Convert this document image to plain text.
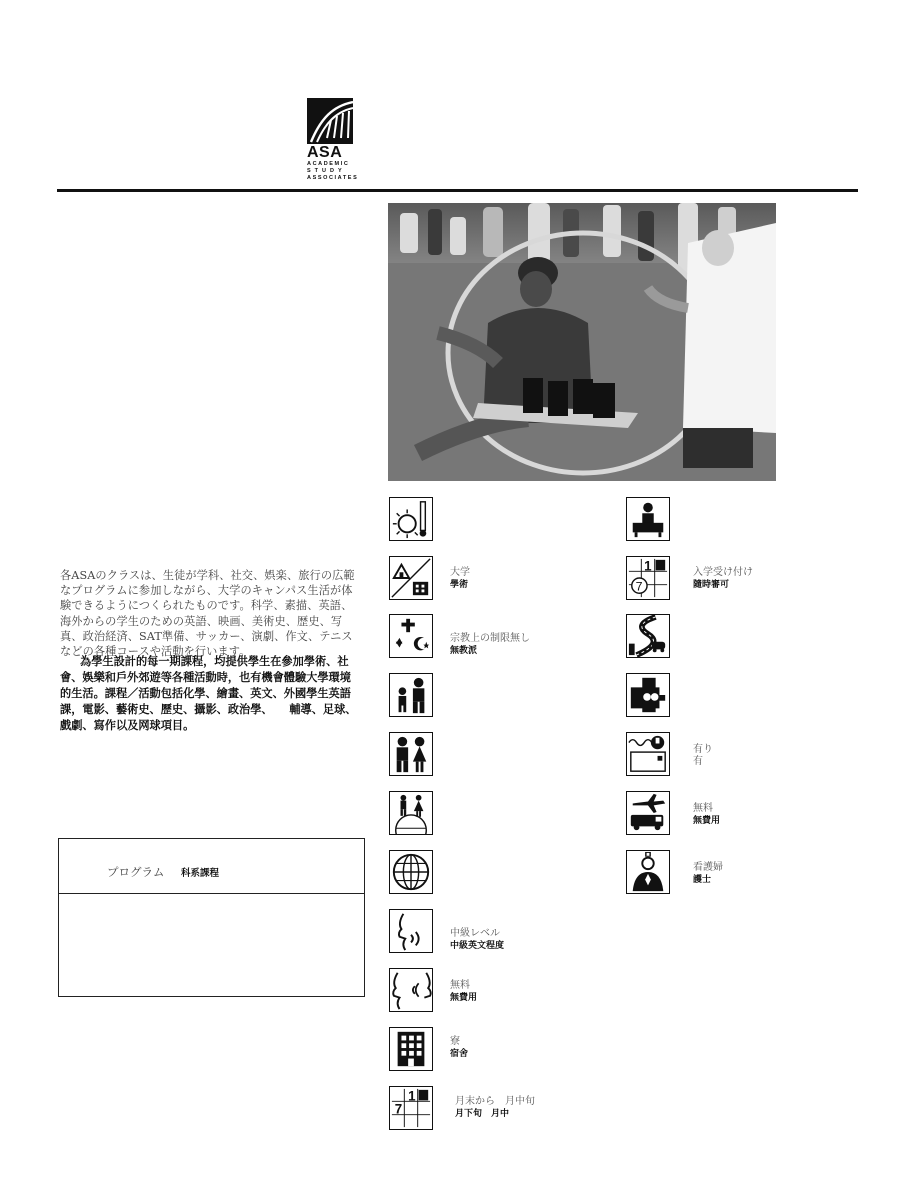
ASA
ACADEMIC
STUDY
ASSOCIATES
各ASAのクラスは、生徒が学科、社交、娯楽、旅行の広範なプログラムに参加しながら、大学のキャンパス生活が体験できるようにつくられたものです。科学、素描、英語、海外からの学生のための英語、映画、美術史、歴史、写真、政治経済、SAT準備、サッカー、演劇、作文、テニスなどの各種コースや活動を行います。
為學生設計的每一期課程，均提供學生在參加學術、社會、娛樂和戶外郊遊等各種活動時，也有機會體驗大學環境的生活。課程／活動包括化學、繪畫、英文、外國學生英語課，電影、藝術史、歷史、攝影、政治學、　　輔導、足球、戲劇、寫作以及网球項目。
プログラム 科系課程
1
7
大学
學術
宗教上の制限無し
無教派
中級レベル
中級英文程度
無料
無費用
寮
宿舍
月末から　月中旬
月下旬　月中
1
7
入学受け付け
隨時審可
有り
有
無料
無費用
看護婦
護士
